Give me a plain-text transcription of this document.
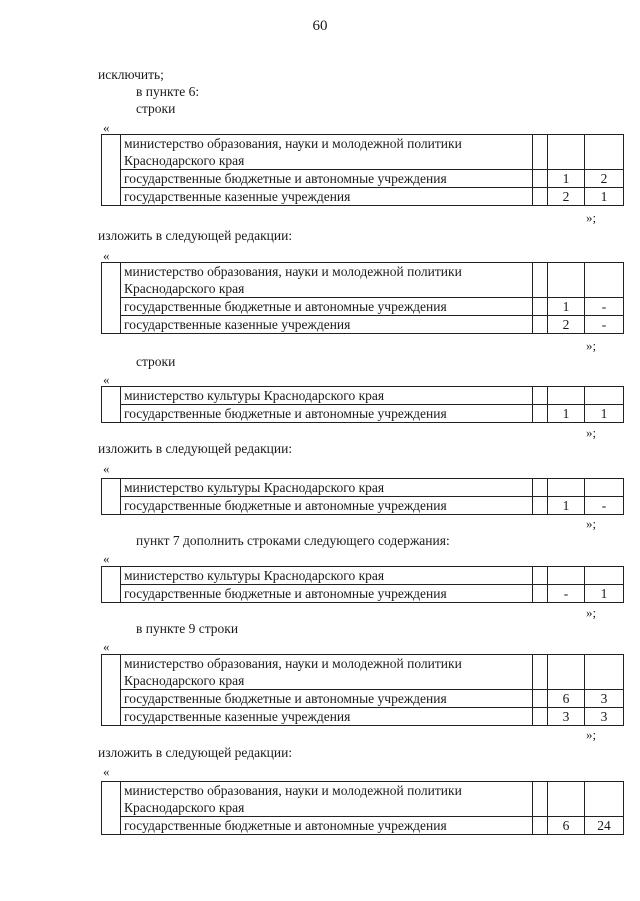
60
исключить;
в пункте 6:
строки
«
	министерство образования, науки и молодежной политики Краснодарского края			
	государственные бюджетные и автономные учреждения		1	2
	государственные казенные учреждения		2	1
»;
изложить в следующей редакции:
«
	министерство образования, науки и молодежной политики Краснодарского края			
	государственные бюджетные и автономные учреждения		1	-
	государственные казенные учреждения		2	-
»;
строки
«
	министерство культуры Краснодарского края			
	государственные бюджетные и автономные учреждения		1	1
»;
изложить в следующей редакции:
«
	министерство культуры Краснодарского края			
	государственные бюджетные и автономные учреждения		1	-
»;
пункт 7 дополнить строками следующего содержания:
«
	министерство культуры Краснодарского края			
	государственные бюджетные и автономные учреждения		-	1
»;
в пункте 9 строки
«
	министерство образования, науки и молодежной политики Краснодарского края			
	государственные бюджетные и автономные учреждения		6	3
	государственные казенные учреждения		3	3
»;
изложить в следующей редакции:
«
	министерство образования, науки и молодежной политики Краснодарского края			
	государственные бюджетные и автономные учреждения		6	24
